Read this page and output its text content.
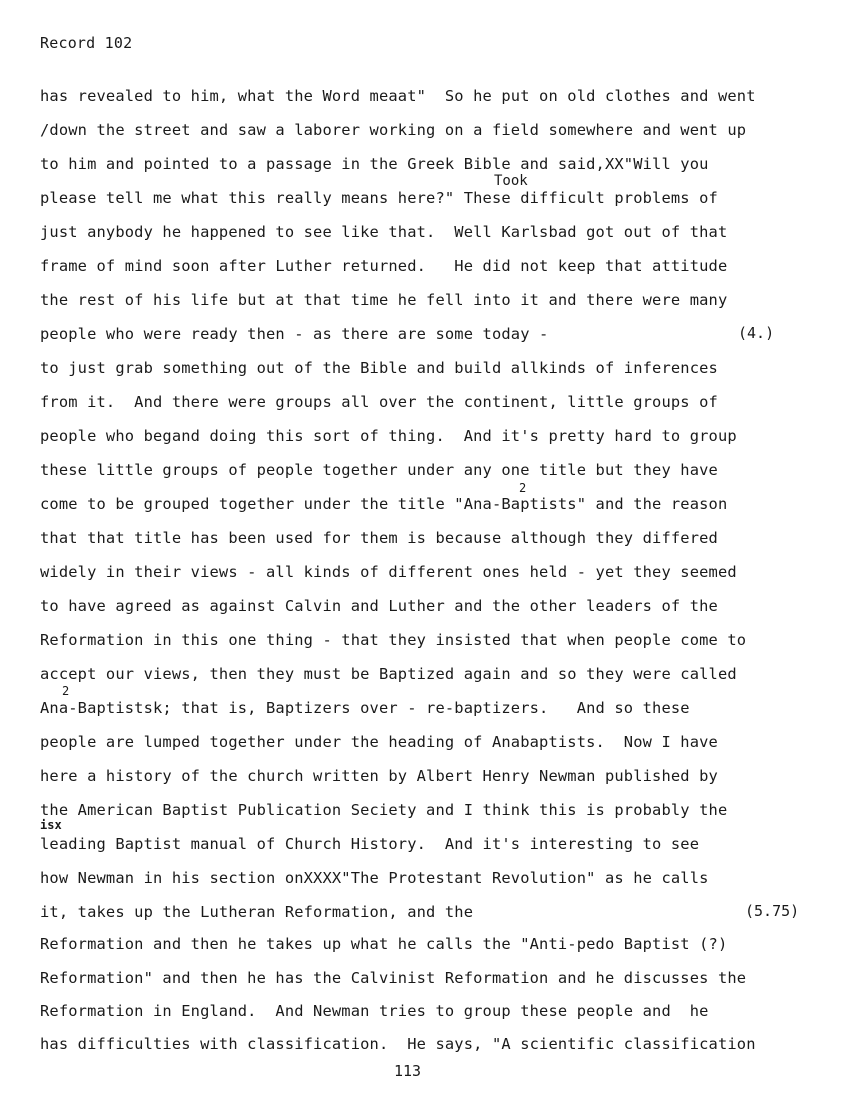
Record 102
Took
2
2
isx
has revealed to him, what the Word meaat"  So he put on old clothes and went
/down the street and saw a laborer working on a field somewhere and went up
to him and pointed to a passage in the Greek Bible and said,XX"Will you
please tell me what this really means here?" These difficult problems of
just anybody he happened to see like that.  Well Karlsbad got out of that
frame of mind soon after Luther returned.   He did not keep that attitude
the rest of his life but at that time he fell into it and there were many
people who were ready then - as there are some today -
to just grab something out of the Bible and build allkinds of inferences
from it.  And there were groups all over the continent, little groups of
people who begand doing this sort of thing.  And it's pretty hard to group
these little groups of people together under any one title but they have
come to be grouped together under the title "Ana-Baptists" and the reason
that that title has been used for them is because although they differed
widely in their views - all kinds of different ones held - yet they seemed
to have agreed as against Calvin and Luther and the other leaders of the
Reformation in this one thing - that they insisted that when people come to
accept our views, then they must be Baptized again and so they were called
Ana-Baptistsk; that is, Baptizers over - re-baptizers.   And so these
people are lumped together under the heading of Anabaptists.  Now I have
here a history of the church written by Albert Henry Newman published by
the American Baptist Publication Seciety and I think this is probably the
leading Baptist manual of Church History.  And it's interesting to see
how Newman in his section onXXXX"The Protestant Revolution" as he calls
it, takes up the Lutheran Reformation, and the
Reformation and then he takes up what he calls the "Anti-pedo Baptist (?)
Reformation" and then he has the Calvinist Reformation and he discusses the
Reformation in England.  And Newman tries to group these people and  he
has difficulties with classification.  He says, "A scientific classification
(4.)
(5.75)
113
